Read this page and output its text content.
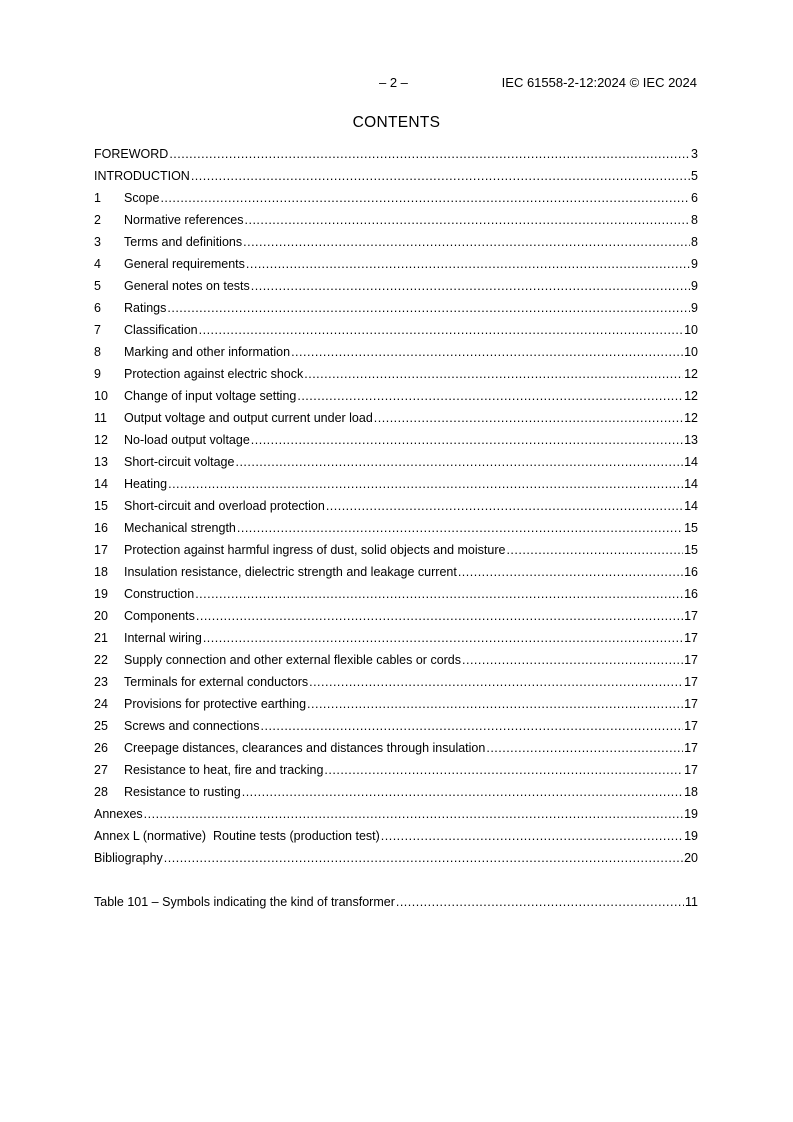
– 2 –	IEC 61558-2-12:2024 © IEC 2024
CONTENTS
FOREWORD .....	3
INTRODUCTION .....	5
1	Scope .....	6
2	Normative references .....	8
3	Terms and definitions .....	8
4	General requirements .....	9
5	General notes on tests .....	9
6	Ratings .....	9
7	Classification .....	10
8	Marking and other information .....	10
9	Protection against electric shock .....	12
10	Change of input voltage setting .....	12
11	Output voltage and output current under load .....	12
12	No-load output voltage .....	13
13	Short-circuit voltage .....	14
14	Heating .....	14
15	Short-circuit and overload protection .....	14
16	Mechanical strength .....	15
17	Protection against harmful ingress of dust, solid objects and moisture .....	15
18	Insulation resistance, dielectric strength and leakage current .....	16
19	Construction .....	16
20	Components .....	17
21	Internal wiring .....	17
22	Supply connection and other external flexible cables or cords .....	17
23	Terminals for external conductors .....	17
24	Provisions for protective earthing .....	17
25	Screws and connections .....	17
26	Creepage distances, clearances and distances through insulation .....	17
27	Resistance to heat, fire and tracking .....	17
28	Resistance to rusting .....	18
Annexes .....	19
Annex L (normative)  Routine tests (production test) .....	19
Bibliography .....	20
Table 101 – Symbols indicating the kind of transformer .....	11
